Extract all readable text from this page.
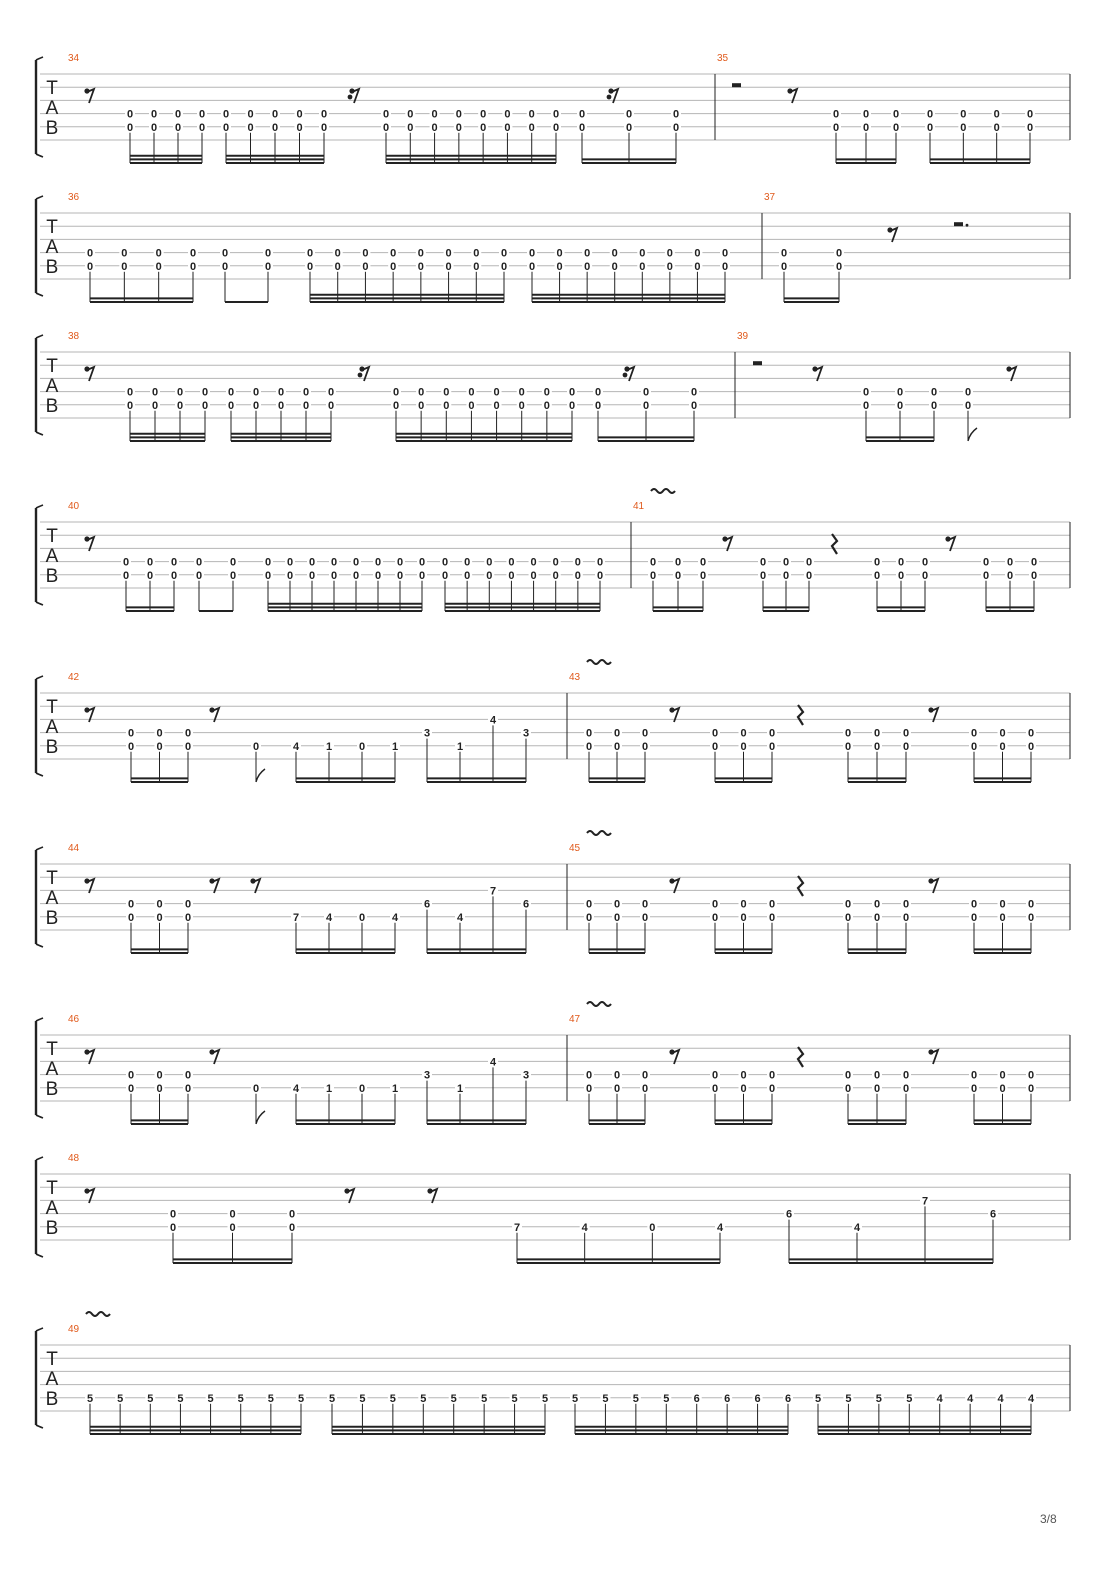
T
A
B
34
0
0
0
0
0
0
0
0
0
0
0
0
0
0
0
0
0
0
0
0
0
0
0
0
0
0
0
0
0
0
0
0
0
0
0
0
0
0
0
0
35
0
0
0
0
0
0
0
0
0
0
0
0
0
0
T
A
B
36
0
0
0
0
0
0
0
0
0
0
0
0
0
0
0
0
0
0
0
0
0
0
0
0
0
0
0
0
0
0
0
0
0
0
0
0
0
0
0
0
0
0
0
0
37
0
0
0
0
T
A
B
38
0
0
0
0
0
0
0
0
0
0
0
0
0
0
0
0
0
0
0
0
0
0
0
0
0
0
0
0
0
0
0
0
0
0
0
0
0
0
0
0
39
0
0
0
0
0
0
0
0
T
A
B
40
0
0
0
0
0
0
0
0
0
0
0
0
0
0
0
0
0
0
0
0
0
0
0
0
0
0
0
0
0
0
0
0
0
0
0
0
0
0
0
0
0
0
41
0
0
0
0
0
0
0
0
0
0
0
0
0
0
0
0
0
0
0
0
0
0
0
0
T
A
B
42
0
0
0
0
0
0	0	4 1 0 1
3
1
4
3
43
0
0
0
0
0
0
0
0
0
0
0
0
0
0
0
0
0
0
0
0
0
0
0
0
T
A
B
44
0
0
0
0
0
0	7 4 0 4
6
4
7
6
45
0
0
0
0
0
0
0
0
0
0
0
0
0
0
0
0
0
0
0
0
0
0
0
0
T
A
B
46
0
0
0
0
0
0	0	4 1 0 1
3
1
4
3
47
0
0
0
0
0
0
0
0
0
0
0
0
0
0
0
0
0
0
0
0
0
0
0
0
T
A
B
48
0
0
0
0
0
0	7	4	0	4
6
4
7
6
T
A
B
49
5 5 5 5 5 5 5 5 5 5 5 5 5 5 5 5 5 5 5 5 6 6 6 6 5 5 5 5 4 4 4 4
3/8
